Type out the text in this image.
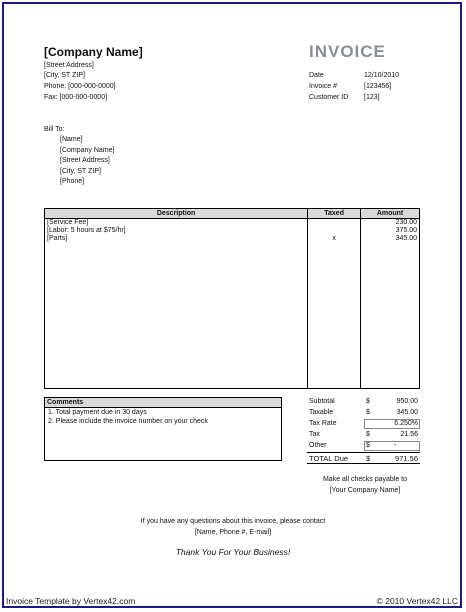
[Company Name]
[Street Address]
[City, ST ZIP]
Phone: [000-000-0000]
Fax: [000-000-0000]
INVOICE
Date	12/10/2010
Invoice #	[123456]
Customer ID [123]
Bill To:
[Name]
[Company Name]
[Street Address]
[City, ST ZIP]
[Phone]
Description	Taxed	Amount
[Service Fee]		230.00
[Labor: 5 hours at $75/hr]		375.00
[Parts]	x	345.00

Comments
1. Total payment due in 30 days
2. Please include the invoice number on your check
Subtotal	$	950.00
Taxable	$	345.00
Tax Rate	6.250%
Tax	$	21.56
Other	$	-
TOTAL Due $	971.56
Make all checks payable to
[Your Company Name]
If you have any questions about this invoice, please contact
[Name, Phone #, E-mail]
Thank You For Your Business!
Invoice Template by Vertex42.com	© 2010 Vertex42 LLC
